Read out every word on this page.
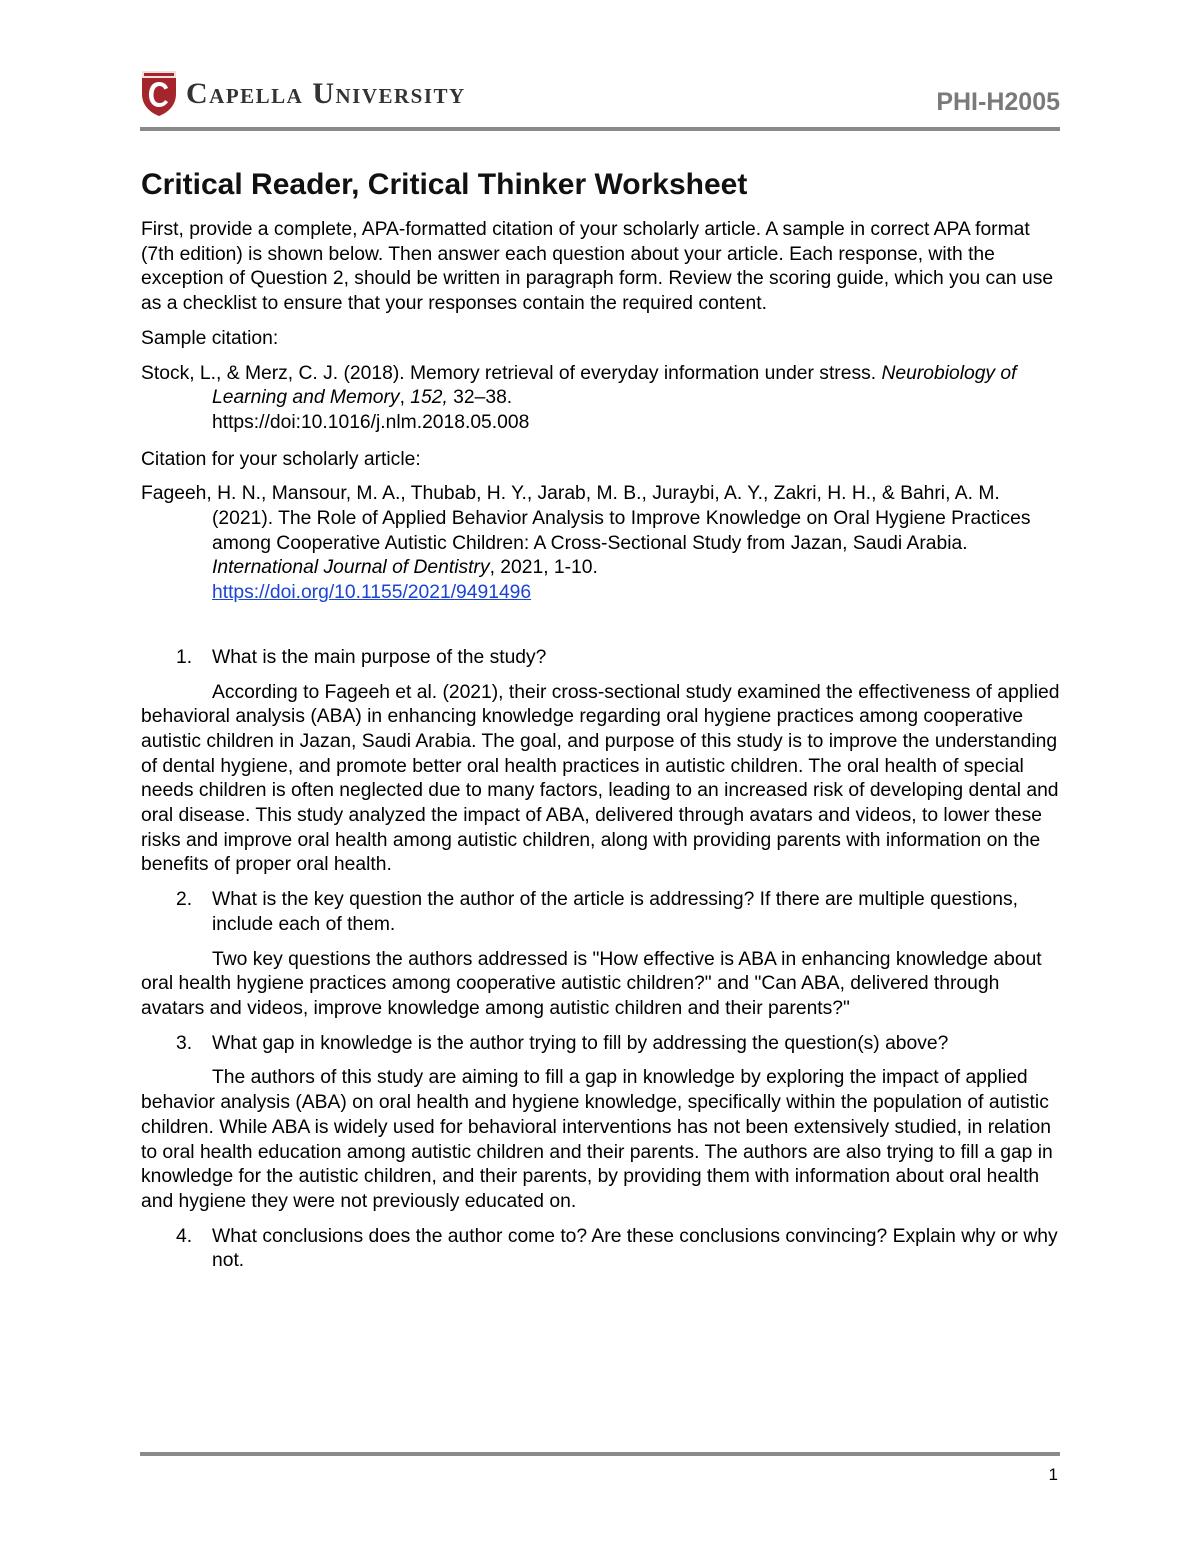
Capella University	PHI-H2005
Critical Reader, Critical Thinker Worksheet

First, provide a complete, APA-formatted citation of your scholarly article. A sample in correct APA format (7th edition) is shown below. Then answer each question about your article. Each response, with the exception of Question 2, should be written in paragraph form. Review the scoring guide, which you can use as a checklist to ensure that your responses contain the required content.

Sample citation:

Stock, L., & Merz, C. J. (2018). Memory retrieval of everyday information under stress. Neurobiology of Learning and Memory, 152, 32–38.
https://doi:10.1016/j.nlm.2018.05.008

Citation for your scholarly article:

Fageeh, H. N., Mansour, M. A., Thubab, H. Y., Jarab, M. B., Juraybi, A. Y., Zakri, H. H., & Bahri, A. M. (2021). The Role of Applied Behavior Analysis to Improve Knowledge on Oral Hygiene Practices among Cooperative Autistic Children: A Cross-Sectional Study from Jazan, Saudi Arabia. International Journal of Dentistry, 2021, 1-10.
https://doi.org/10.1155/2021/9491496

1.	What is the main purpose of the study?

According to Fageeh et al. (2021), their cross-sectional study examined the effectiveness of applied behavioral analysis (ABA) in enhancing knowledge regarding oral hygiene practices among cooperative autistic children in Jazan, Saudi Arabia. The goal, and purpose of this study is to improve the understanding of dental hygiene, and promote better oral health practices in autistic children. The oral health of special needs children is often neglected due to many factors, leading to an increased risk of developing dental and oral disease. This study analyzed the impact of ABA, delivered through avatars and videos, to lower these risks and improve oral health among autistic children, along with providing parents with information on the benefits of proper oral health.

2.	What is the key question the author of the article is addressing? If there are multiple questions, include each of them.

Two key questions the authors addressed is "How effective is ABA in enhancing knowledge about oral health hygiene practices among cooperative autistic children?" and "Can ABA, delivered through avatars and videos, improve knowledge among autistic children and their parents?"

3.	What gap in knowledge is the author trying to fill by addressing the question(s) above?

The authors of this study are aiming to fill a gap in knowledge by exploring the impact of applied behavior analysis (ABA) on oral health and hygiene knowledge, specifically within the population of autistic children. While ABA is widely used for behavioral interventions has not been extensively studied, in relation to oral health education among autistic children and their parents. The authors are also trying to fill a gap in knowledge for the autistic children, and their parents, by providing them with information about oral health and hygiene they were not previously educated on.

4.	What conclusions does the author come to? Are these conclusions convincing? Explain why or why not.
1
